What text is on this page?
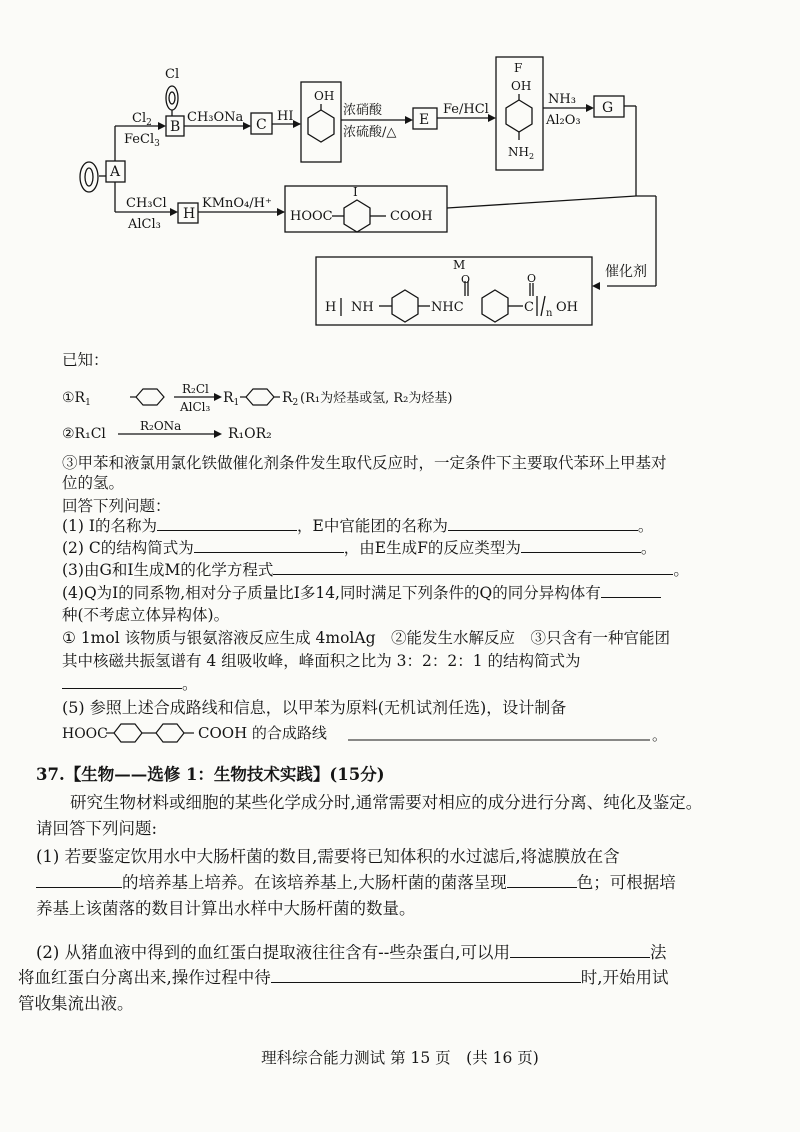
Cl
A
B	C	E
G
H
$Cl_2$
FeCl$_3$
CH₃ONa	HI
OH
浓硝酸
浓硫酸/△
Fe/HCl
F
OH
$NH_2$
NH₃
Al₂O₃
CH₃Cl
AlCl₃
KMnO₄/H⁺
I
HOOC	COOH
催化剂
M
O	O
H NH	NHC	C n OH
已知：
$①R_1$
R₂Cl
AlCl₃
$R_1$	$R_2$ (R₁为烃基或氢, R₂为烃基)
②R₁Cl	R₂ONa	R₁OR₂
③甲苯和液氯用氯化铁做催化剂条件发生取代反应时，一定条件下主要取代苯环上甲基对
位的氢。
回答下列问题：
(1) I的名称为	，E中官能团的名称为	。
(2) C的结构简式为	，由E生成F的反应类型为	。
(3)由G和I生成M的化学方程式	。
(4)Q为I的同系物,相对分子质量比I多14,同时满足下列条件的Q的同分异构体有
种(不考虑立体异构体)。
① 1mol 该物质与银氨溶液反应生成 4molAg　②能发生水解反应　③只含有一种官能团
其中核磁共振氢谱有 4 组吸收峰，峰面积之比为 3：2：2：1 的结构简式为
。
(5) 参照上述合成路线和信息，以甲苯为原料(无机试剂任选)，设计制备
HOOC	COOH 的合成路线	。
37.【生物——选修 1：生物技术实践】(15分)
研究生物材料或细胞的某些化学成分时,通常需要对相应的成分进行分离、纯化及鉴定。
请回答下列问题:
(1) 若要鉴定饮用水中大肠杆菌的数目,需要将已知体积的水过滤后,将滤膜放在含
的培养基上培养。在该培养基上,大肠杆菌的菌落呈现	色；可根据培
养基上该菌落的数目计算出水样中大肠杆菌的数量。
(2) 从猪血液中得到的血红蛋白提取液往往含有--些杂蛋白,可以用	法
将血红蛋白分离出来,操作过程中待	时,开始用试
管收集流出液。
理科综合能力测试 第 15 页　(共 16 页)
